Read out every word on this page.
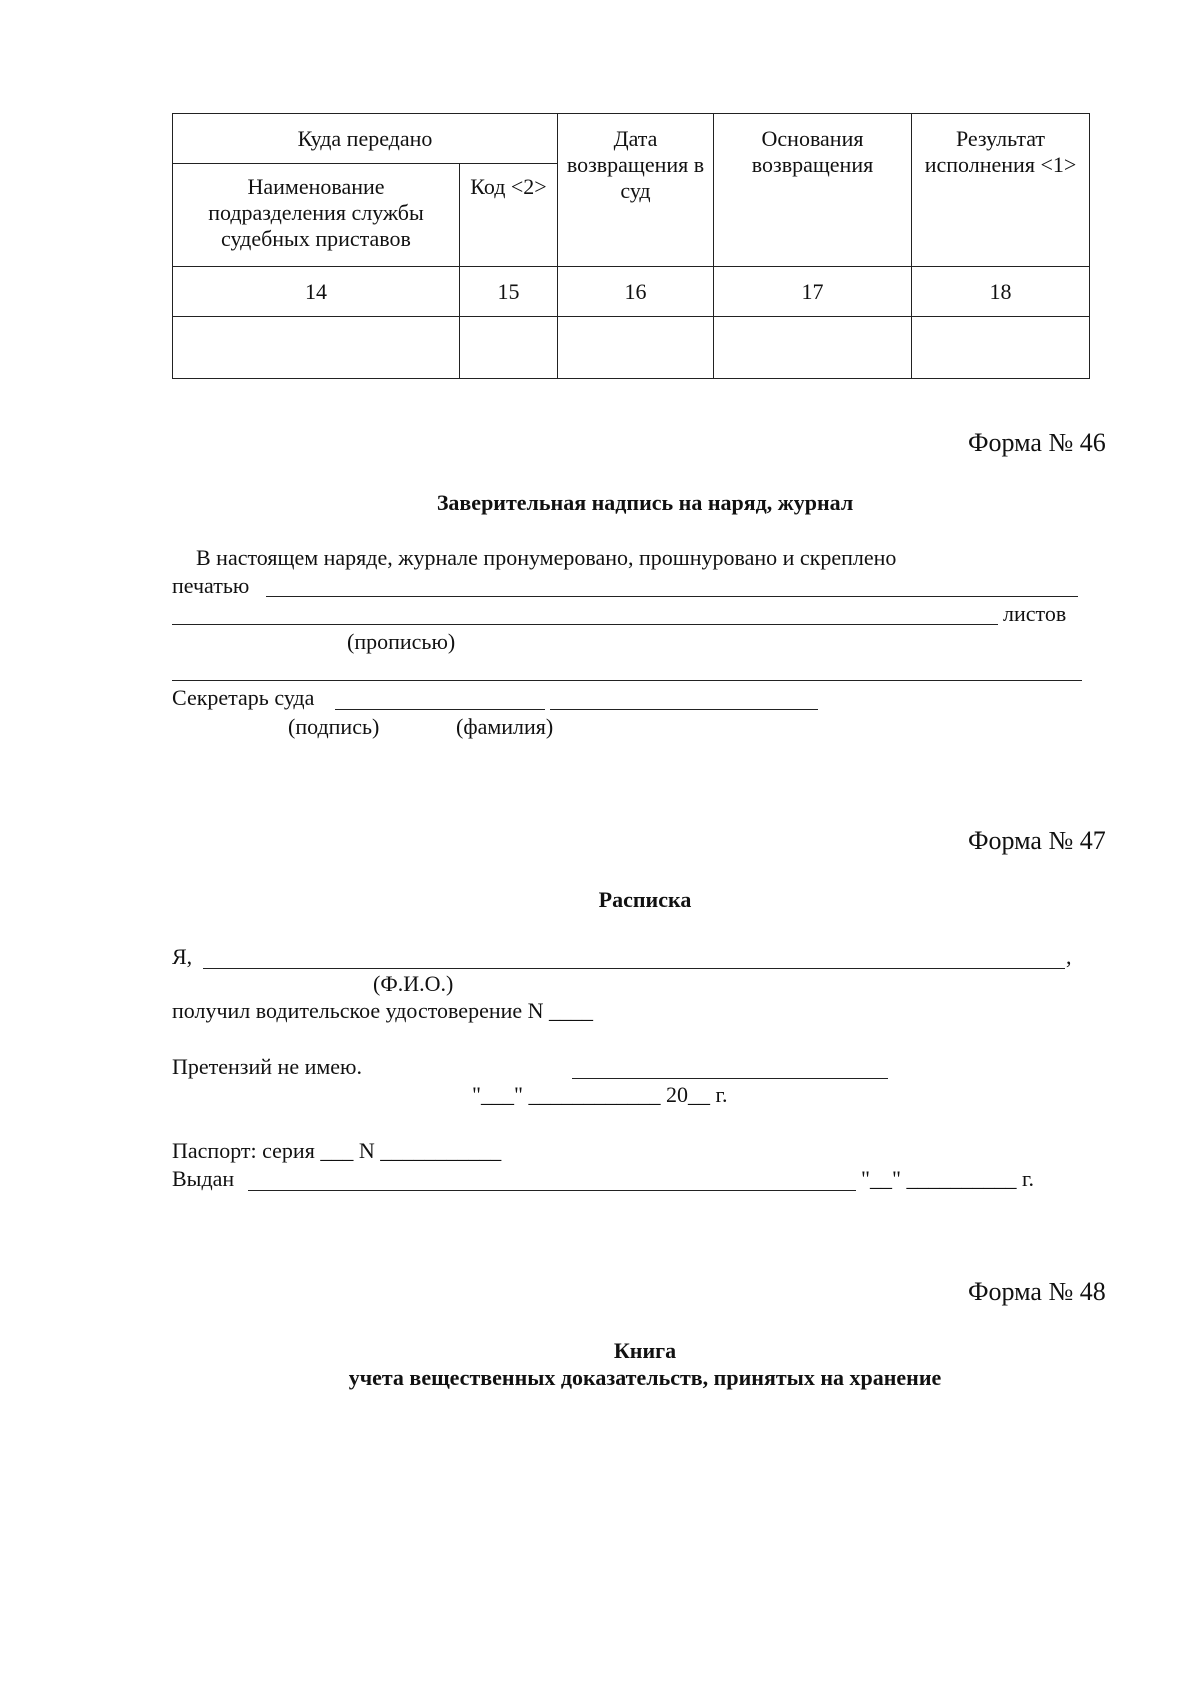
Куда передано		Дата возвращения в суд	Основания возвращения	Результат исполнения <1>
Наименование подразделения службы судебных приставов	Код <2>			
14	15	16	17	18

Форма № 46
Заверительная надпись на наряд, журнал
В настоящем наряде, журнале пронумеровано, прошнуровано и скреплено
печатью
листов
(прописью)
Секретарь суда
(подпись)	(фамилия)
Форма № 47
Расписка
Я,	,
(Ф.И.О.)
получил водительское удостоверение N ____
Претензий не имею.
"___" ____________ 20__ г.
Паспорт: серия ___ N ___________
Выдан	"__" __________ г.
Форма № 48
Книга
учета вещественных доказательств, принятых на хранение
